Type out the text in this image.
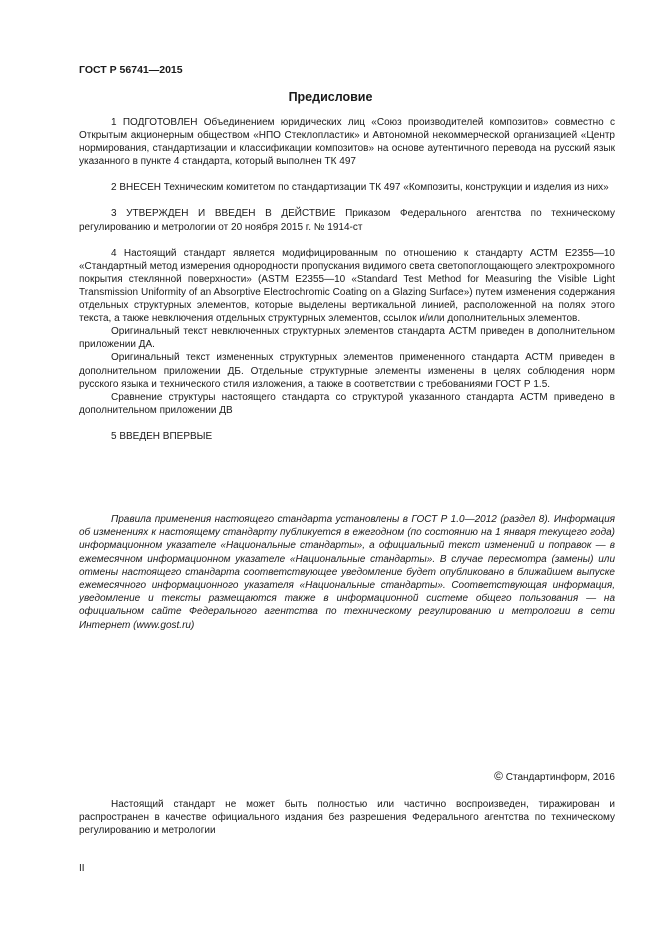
ГОСТ Р 56741—2015
Предисловие

1 ПОДГОТОВЛЕН Объединением юридических лиц «Союз производителей композитов» совместно с Открытым акционерным обществом «НПО Стеклопластик» и Автономной некоммерческой организацией «Центр нормирования, стандартизации и классификации композитов» на основе аутентичного перевода на русский язык указанного в пункте 4 стандарта, который выполнен ТК 497

2 ВНЕСЕН Техническим комитетом по стандартизации ТК 497 «Композиты, конструкции и изделия из них»

3 УТВЕРЖДЕН И ВВЕДЕН В ДЕЙСТВИЕ Приказом Федерального агентства по техническому регулированию и метрологии от 20 ноября 2015 г. № 1914-ст

4 Настоящий стандарт является модифицированным по отношению к стандарту АСТМ Е2355—10 «Стандартный метод измерения однородности пропускания видимого света светопоглощающего электрохромного покрытия стеклянной поверхности» (ASTM E2355—10 «Standard Test Method for Measuring the Visible Light Transmission Uniformity of an Absorptive Electrochromic Coating on a Glazing Surface») путем изменения содержания отдельных структурных элементов, которые выделены вертикальной линией, расположенной на полях этого текста, а также невключения отдельных структурных элементов, ссылок и/или дополнительных элементов.

Оригинальный текст невключенных структурных элементов стандарта АСТМ приведен в дополнительном приложении ДА.

Оригинальный текст измененных структурных элементов примененного стандарта АСТМ приведен в дополнительном приложении ДБ. Отдельные структурные элементы изменены в целях соблюдения норм русского языка и технического стиля изложения, а также в соответствии с требованиями ГОСТ Р 1.5.

Сравнение структуры настоящего стандарта со структурой указанного стандарта АСТМ приведено в дополнительном приложении ДВ

5 ВВЕДЕН ВПЕРВЫЕ

Правила применения настоящего стандарта установлены в ГОСТ Р 1.0—2012 (раздел 8). Информация об изменениях к настоящему стандарту публикуется в ежегодном (по состоянию на 1 января текущего года) информационном указателе «Национальные стандарты», а официальный текст изменений и поправок — в ежемесячном информационном указателе «Национальные стандарты». В случае пересмотра (замены) или отмены настоящего стандарта соответствующее уведомление будет опубликовано в ближайшем выпуске ежемесячного информационного указателя «Национальные стандарты». Соответствующая информация, уведомление и тексты размещаются также в информационной системе общего пользования — на официальном сайте Федерального агентства по техническому регулированию и метрологии в сети Интернет (www.gost.ru)

© Стандартинформ, 2016

Настоящий стандарт не может быть полностью или частично воспроизведен, тиражирован и распространен в качестве официального издания без разрешения Федерального агентства по техническому регулированию и метрологии

II
